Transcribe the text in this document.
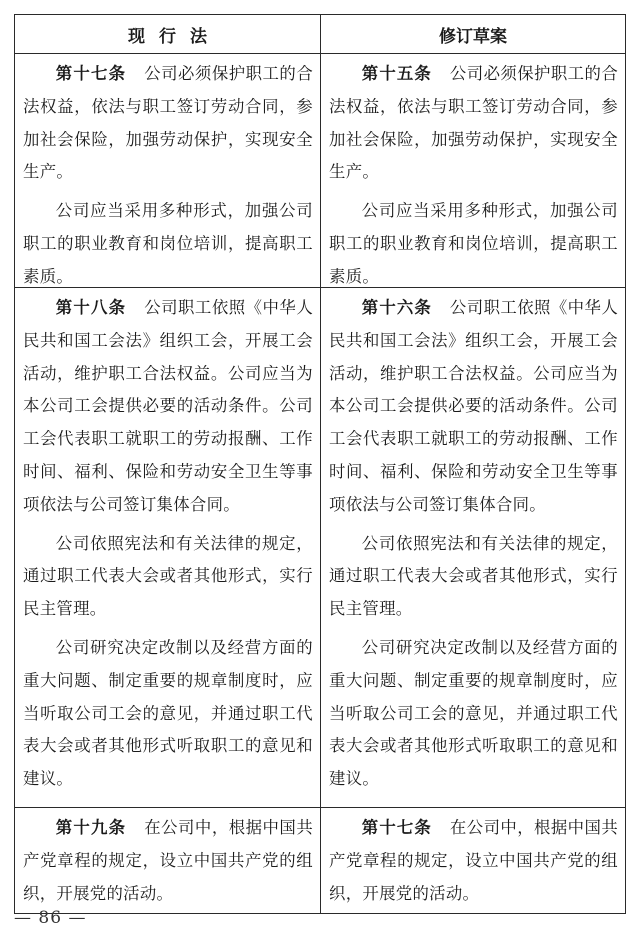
现行法	修订草案

第十七条 公司必须保护职工的合法权益，依法与职工签订劳动合同，参加社会保险，加强劳动保护，实现安全生产。

公司应当采用多种形式，加强公司职工的职业教育和岗位培训，提高职工素质。

第十五条 公司必须保护职工的合法权益，依法与职工签订劳动合同，参加社会保险，加强劳动保护，实现安全生产。

公司应当采用多种形式，加强公司职工的职业教育和岗位培训，提高职工素质。

第十八条 公司职工依照《中华人民共和国工会法》组织工会，开展工会活动，维护职工合法权益。公司应当为本公司工会提供必要的活动条件。公司工会代表职工就职工的劳动报酬、工作时间、福利、保险和劳动安全卫生等事项依法与公司签订集体合同。

公司依照宪法和有关法律的规定，通过职工代表大会或者其他形式，实行民主管理。

公司研究决定改制以及经营方面的重大问题、制定重要的规章制度时，应当听取公司工会的意见，并通过职工代表大会或者其他形式听取职工的意见和建议。

第十六条 公司职工依照《中华人民共和国工会法》组织工会，开展工会活动，维护职工合法权益。公司应当为本公司工会提供必要的活动条件。公司工会代表职工就职工的劳动报酬、工作时间、福利、保险和劳动安全卫生等事项依法与公司签订集体合同。

公司依照宪法和有关法律的规定，通过职工代表大会或者其他形式，实行民主管理。

公司研究决定改制以及经营方面的重大问题、制定重要的规章制度时，应当听取公司工会的意见，并通过职工代表大会或者其他形式听取职工的意见和建议。

第十九条 在公司中，根据中国共产党章程的规定，设立中国共产党的组织，开展党的活动。

第十七条 在公司中，根据中国共产党章程的规定，设立中国共产党的组织，开展党的活动。

— 86 —
